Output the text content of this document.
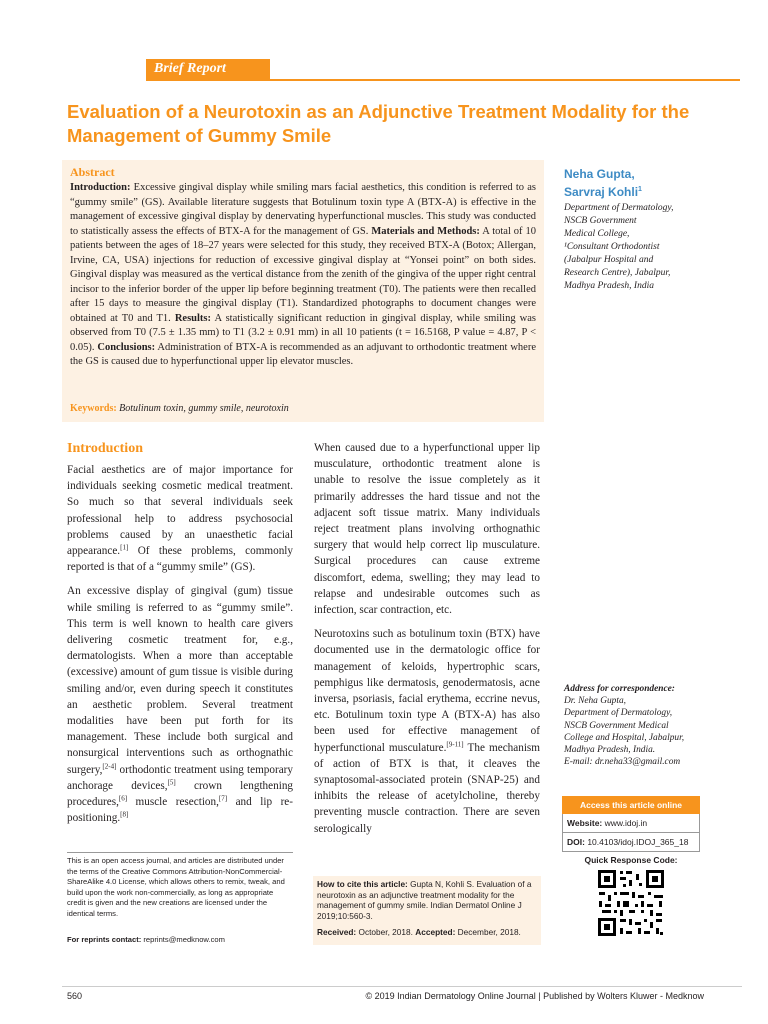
Brief Report
Evaluation of a Neurotoxin as an Adjunctive Treatment Modality for the Management of Gummy Smile
Abstract
Introduction: Excessive gingival display while smiling mars facial aesthetics, this condition is referred to as “gummy smile” (GS). Available literature suggests that Botulinum toxin type A (BTX-A) is effective in the management of excessive gingival display by denervating hyperfunctional muscles. This study was conducted to statistically assess the effects of BTX-A for the management of GS. Materials and Methods: A total of 10 patients between the ages of 18–27 years were selected for this study, they received BTX-A (Botox; Allergan, Irvine, CA, USA) injections for reduction of excessive gingival display at “Yonsei point” on both sides. Gingival display was measured as the vertical distance from the zenith of the gingiva of the upper right central incisor to the inferior border of the upper lip before beginning treatment (T0). The patients were then recalled after 15 days to measure the gingival display (T1). Standardized photographs to document changes were obtained at T0 and T1. Results: A statistically significant reduction in gingival display, while smiling was observed from T0 (7.5 ± 1.35 mm) to T1 (3.2 ± 0.91 mm) in all 10 patients (t = 16.5168, P value = 4.87, P < 0.05). Conclusions: Administration of BTX-A is recommended as an adjuvant to orthodontic treatment where the GS is caused due to hyperfunctional upper lip elevator muscles.
Keywords: Botulinum toxin, gummy smile, neurotoxin
Neha Gupta,
Sarvraj Kohli$^1$
Department of Dermatology,
NSCB Government
Medical College,
¹Consultant Orthodontist
(Jabalpur Hospital and
Research Centre), Jabalpur,
Madhya Pradesh, India
Introduction

Facial aesthetics are of major importance for individuals seeking cosmetic medical treatment. So much so that several individuals seek professional help to address psychosocial problems caused by an unaesthetic facial appearance.[1] Of these problems, commonly reported is that of a “gummy smile” (GS).

An excessive display of gingival (gum) tissue while smiling is referred to as “gummy smile”. This term is well known to health care givers delivering cosmetic treatment for, e.g., dermatologists. When a more than acceptable (excessive) amount of gum tissue is visible during smiling and/or, even during speech it constitutes an aesthetic problem. Several treatment modalities have been put forth for its management. These include both surgical and nonsurgical interventions such as orthognathic surgery,[2-4] orthodontic treatment using temporary anchorage devices,[5] crown lengthening procedures,[6] muscle resection,[7] and lip re-positioning.[8]

When caused due to a hyperfunctional upper lip musculature, orthodontic treatment alone is unable to resolve the issue completely as it primarily addresses the hard tissue and not the adjacent soft tissue matrix. Many individuals reject treatment plans involving orthognathic surgery that would help correct lip musculature. Surgical procedures can cause extreme discomfort, edema, swelling; they may lead to relapse and undesirable outcomes such as infection, scar contraction, etc.

Neurotoxins such as botulinum toxin (BTX) have documented use in the dermatologic office for management of keloids, hypertrophic scars, pemphigus like dermatosis, genodermatosis, acne inversa, psoriasis, facial erythema, eccrine nevus, etc. Botulinum toxin type A (BTX-A) has also been used for effective management of hyperfunctional musculature.[9-11] The mechanism of action of BTX is that, it cleaves the synaptosomal-associated protein (SNAP-25) and inhibits the release of acetylcholine, thereby preventing muscle contraction. There are seven serologically

This is an open access journal, and articles are distributed under the terms of the Creative Commons Attribution-NonCommercial-ShareAlike 4.0 License, which allows others to remix, tweak, and build upon the work non-commercially, as long as appropriate credit is given and the new creations are licensed under the identical terms.
For reprints contact: reprints@medknow.com
How to cite this article: Gupta N, Kohli S. Evaluation of a neurotoxin as an adjunctive treatment modality for the management of gummy smile. Indian Dermatol Online J 2019;10:560-3.
Received: October, 2018. Accepted: December, 2018.
Address for correspondence:
Dr. Neha Gupta,
Department of Dermatology,
NSCB Government Medical
College and Hospital, Jabalpur,
Madhya Pradesh, India.
E-mail: dr.neha33@gmail.com
Access this article online
Website: www.idoj.in
DOI: 10.4103/idoj.IDOJ_365_18
Quick Response Code:
560	© 2019 Indian Dermatology Online Journal | Published by Wolters Kluwer - Medknow
